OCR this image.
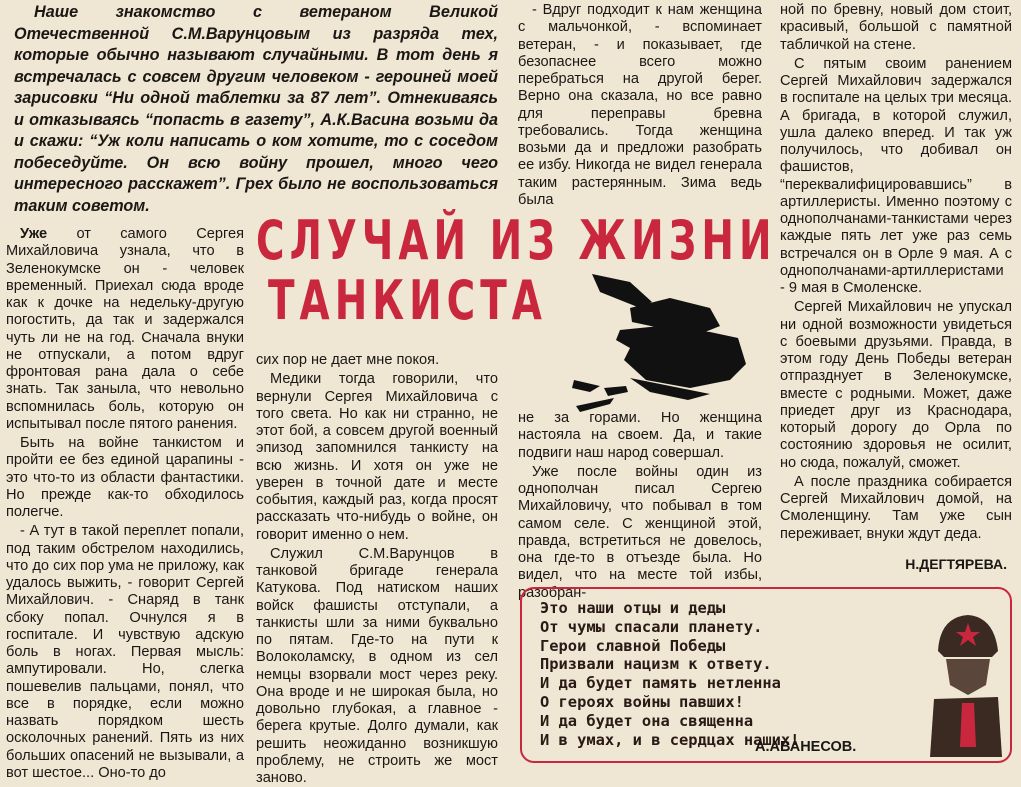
Наше знакомство с ветераном Великой Отечественной С.М.Варунцовым из разряда тех, которые обычно называют случайными. В тот день я встречалась с совсем другим человеком - героиней моей зарисовки “Ни одной таблетки за 87 лет”. Отнекиваясь и отказываясь “попасть в газету”, А.К.Васина возьми да и скажи: “Уж коли написать о ком хотите, то с соседом побеседуйте. Он всю войну прошел, много чего интересного расскажет”. Грех было не воспользоваться таким советом.

СЛУЧАЙ ИЗ ЖИЗНИ
ТАНКИСТА

Уже от самого Сергея Михайловича узнала, что в Зеленокумске он - человек временный. Приехал сюда вроде как к дочке на недельку-другую погостить, да так и задержался чуть ли не на год. Сначала внуки не отпускали, а потом вдруг фронтовая рана дала о себе знать. Так заныла, что невольно вспомнилась боль, которую он испытывал после пятого ранения.

Быть на войне танкистом и пройти ее без единой царапины - это что-то из области фантастики. Но прежде как-то обходилось полегче.

- А тут в такой переплет попали, под таким обстрелом находились, что до сих пор ума не приложу, как удалось выжить, - говорит Сергей Михайлович. - Снаряд в танк сбоку попал. Очнулся я в госпитале. И чувствую адскую боль в ногах. Первая мысль: ампутировали. Но, слегка пошевелив пальцами, понял, что все в порядке, если можно назвать порядком шесть осколочных ранений. Пять из них больших опасений не вызывали, а вот шестое... Оно-то до

сих пор не дает мне покоя.

Медики тогда говорили, что вернули Сергея Михайловича с того света. Но как ни странно, не этот бой, а совсем другой военный эпизод запомнился танкисту на всю жизнь. И хотя он уже не уверен в точной дате и месте события, каждый раз, когда просят рассказать что-нибудь о войне, он говорит именно о нем.

Служил С.М.Варунцов в танковой бригаде генерала Катукова. Под натиском наших войск фашисты отступали, а танкисты шли за ними буквально по пятам. Где-то на пути к Волоколамску, в одном из сел немцы взорвали мост через реку. Она вроде и не широкая была, но довольно глубокая, а главное - берега крутые. Долго думали, как решить неожиданно возникшую проблему, не строить же мост заново.

- Вдруг подходит к нам женщина с мальчонкой, - вспоминает ветеран, - и показывает, где безопаснее всего можно перебраться на другой берег. Верно она сказала, но все равно для переправы бревна требовались. Тогда женщина возьми да и предложи разобрать ее избу. Никогда не видел генерала таким растерянным. Зима ведь была

не за горами. Но женщина настояла на своем. Да, и такие подвиги наш народ совершал.

Уже после войны один из однополчан писал Сергею Михайловичу, что побывал в том самом селе. С женщиной этой, правда, встретиться не довелось, она где-то в отъезде была. Но видел, что на месте той избы, разобран-

ной по бревну, новый дом стоит, красивый, большой с памятной табличкой на стене.

С пятым своим ранением Сергей Михайлович задержался в госпитале на целых три месяца. А бригада, в которой служил, ушла далеко вперед. И так уж получилось, что добивал он фашистов, “переквалифицировавшись” в артиллеристы. Именно поэтому с однополчанами-танкистами через каждые пять лет уже раз семь встречался он в Орле 9 мая. А с однополчанами-артиллеристами - 9 мая в Смоленске.

Сергей Михайлович не упускал ни одной возможности увидеться с боевыми друзьями. Правда, в этом году День Победы ветеран отпразднует в Зеленокумске, вместе с родными. Может, даже приедет друг из Краснодара, который дорогу до Орла по состоянию здоровья не осилит, но сюда, пожалуй, сможет.

А после праздника собирается Сергей Михайлович домой, на Смоленщину. Там уже сын переживает, внуки ждут деда.

Н.ДЕГТЯРЕВА.
Это наши отцы и деды
От чумы спасали планету.
Герои славной Победы
Призвали нацизм к ответу.
И да будет память нетленна
О героях войны павших!
И да будет она священна
И в умах, и в сердцах наших!
А.АВАНЕСОВ.
